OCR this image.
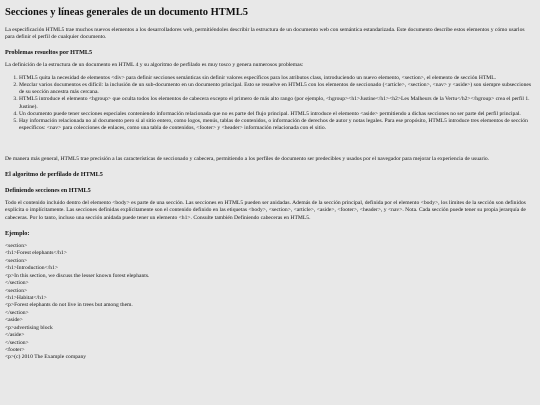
Secciones y líneas generales de un documento HTML5

La especificación HTML5 trae muchos nuevos elementos a los desarrolladores web, permitiéndoles describir la estructura de un documento web con semántica estandarizada. Este documento describe estos elementos y cómo usarlos para definir el perfil de cualquier documento.

Problemas resueltos por HTML5

La definición de la estructura de un documento en HTML 4 y su algoritmo de perfilado es muy tosco y genera numerosos problemas:

1. HTML5 quita la necesidad de elementos <div> para definir secciones semánticas sin definir valores específicos para los atributos class, introduciendo un nuevo elemento, <section>, el elemento de sección HTML.
2. Mezclar varios documentos es difícil: la inclusión de un sub-documento en un documento principal. Esto se resuelve en HTML5 con los elementos de seccionado (<article>, <section>, <nav> y <aside>) son siempre subsecciones de su sección ancestra más cercana.
3. HTML5 introduce el elemento <hgroup> que oculta todos los elementos de cabecera excepto el primero de más alto rango (por ejemplo, <hgroup><h1>Justine</h1><h2>Les Malheurs de la Vertu</h2></hgroup> crea el perfil 1. Justine).
4. Un documento puede tener secciones especiales conteniendo información relacionada que no es parte del flujo principal. HTML5 introduce el elemento <aside> permitiendo a dichas secciones no ser parte del perfil principal.
5. Hay información relacionada no al documento pero si al sitio entero, como logos, menús, tablas de contenidos, o información de derechos de autor y notas legales. Para ese propósito, HTML5 introduce tres elementos de sección específicos: <nav> para colecciones de enlaces, como una tabla de contenidos, <footer> y <header> información relacionada con el sitio.

De manera más general, HTML5 trae precisión a las características de seccionado y cabecera, permitiendo a los perfiles de documento ser predecibles y usados por el navegador para mejorar la experiencia de usuario.

El algoritmo de perfilado de HTML5
Definiendo secciones en HTML5

Todo el contenido incluido dentro del elemento <body> es parte de una sección. Las secciones en HTML5 pueden ser anidadas. Además de la sección principal, definida por el elemento <body>, los límites de la sección son definidos explícita o implícitamente. Las secciones definidas explícitamente son el contenido definido en las etiquetas <body>, <section>, <article>, <aside>, <footer>, <header>, y <nav>. Nota. Cada sección puede tener su propia jerarquía de cabeceras. Por lo tanto, incluso una sección anidada puede tener un elemento <h1>. Consulte también Definiendo cabeceras en HTML5.

Ejemplo:
<section>
<h1>Forest elephants</h1>
<section>
<h1>Introduction</h1>
<p>In this section, we discuss the lesser known forest elephants.
</section>
<section>
<h1>Habitat</h1>
<p>Forest elephants do not live in trees but among them.
</section>
<aside>
<p>advertising block
</aside>
</section>
<footer>
<p>(c) 2010 The Example company
